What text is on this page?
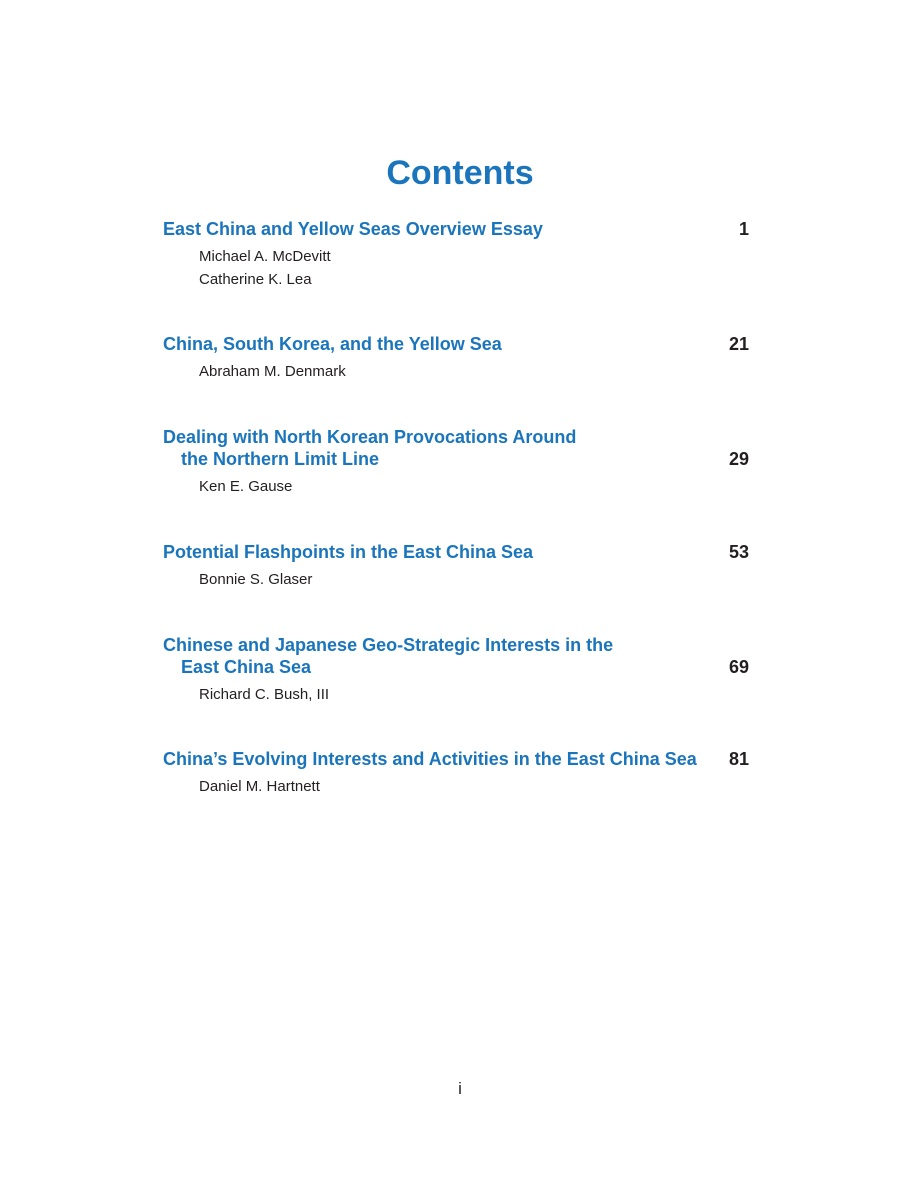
Contents
East China and Yellow Seas Overview Essay	1
Michael A. McDevitt
Catherine K. Lea
China, South Korea, and the Yellow Sea	21
Abraham M. Denmark
Dealing with North Korean Provocations Around
the Northern Limit Line	29
Ken E. Gause
Potential Flashpoints in the East China Sea	53
Bonnie S. Glaser
Chinese and Japanese Geo-Strategic Interests in the
East China Sea	69
Richard C. Bush, III
China’s Evolving Interests and Activities in the East China Sea	81
Daniel M. Hartnett
i
